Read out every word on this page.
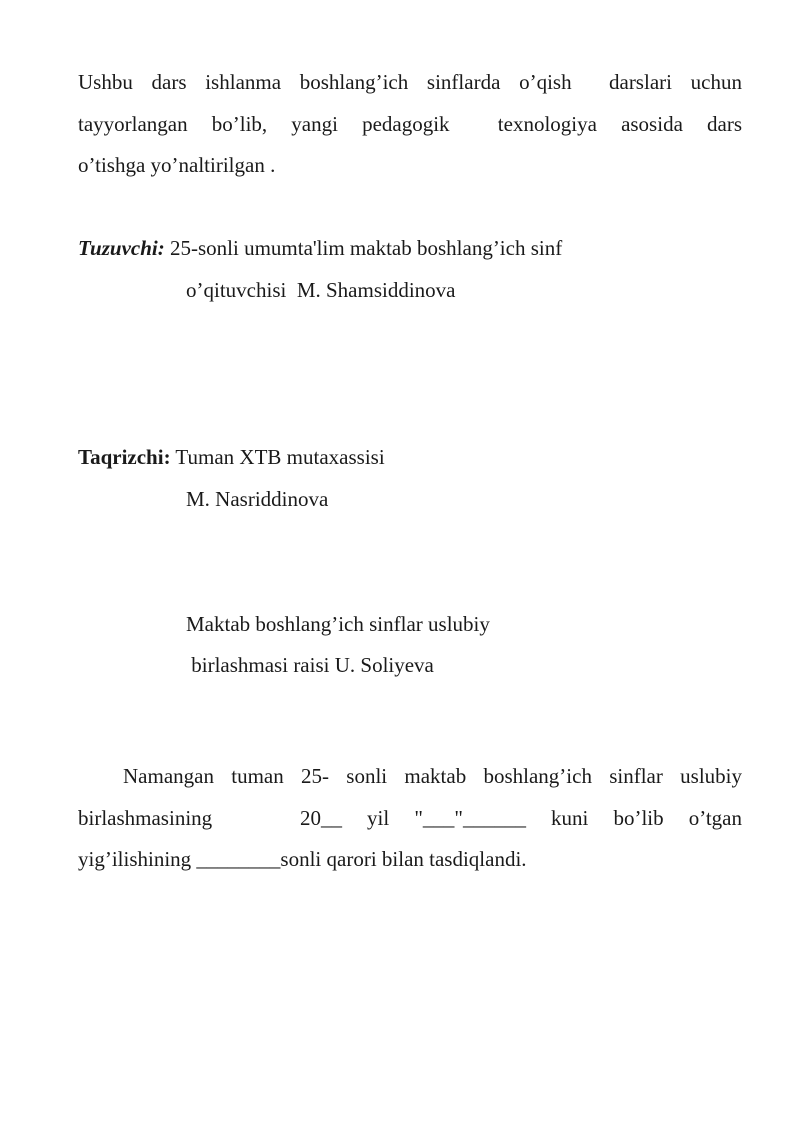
Ushbu dars ishlanma boshlang’ich sinflarda o’qish  darslari uchun
tayyorlangan bo’lib, yangi pedagogik  texnologiya asosida dars
o’tishga yo’naltirilgan .
Tuzuvchi: 25-sonli umumta'lim maktab boshlang’ich sinf
o’qituvchisi  M. Shamsiddinova
Taqrizchi: Tuman XTB mutaxassisi
M. Nasriddinova
Maktab boshlang’ich sinflar uslubiy
birlashmasi raisi U. Soliyeva
Namangan tuman 25- sonli maktab boshlang’ich sinflar uslubiy
birlashmasining       20__  yil  "___"______  kuni  bo’lib  o’tgan
yig’ilishining ________sonli qarori bilan tasdiqlandi.
